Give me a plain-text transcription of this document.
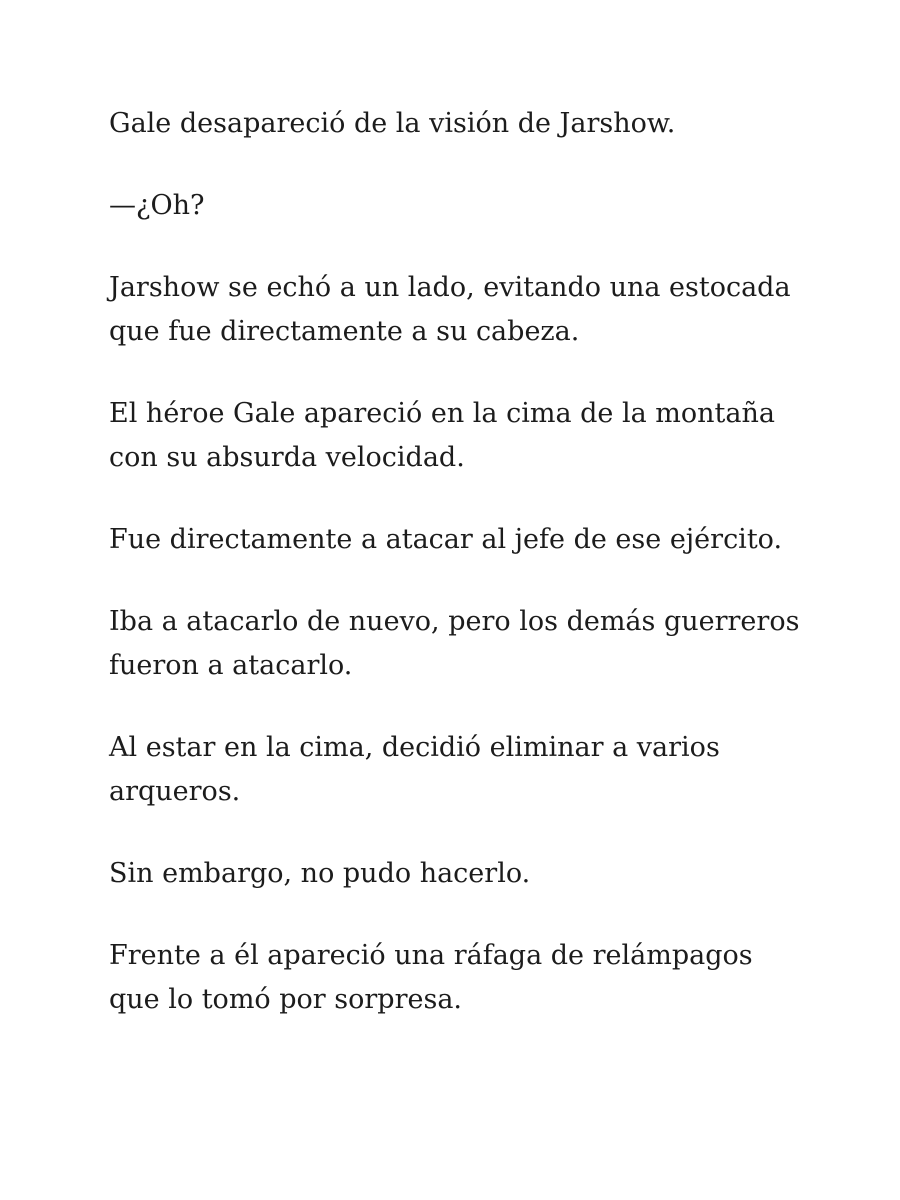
Gale desapareció de la visión de Jarshow.

—¿Oh?

Jarshow se echó a un lado, evitando una estocada que fue directamente a su cabeza.

El héroe Gale apareció en la cima de la montaña con su absurda velocidad.

Fue directamente a atacar al jefe de ese ejército.

Iba a atacarlo de nuevo, pero los demás guerreros fueron a atacarlo.

Al estar en la cima, decidió eliminar a varios arqueros.

Sin embargo, no pudo hacerlo.

Frente a él apareció una ráfaga de relámpagos que lo tomó por sorpresa.
